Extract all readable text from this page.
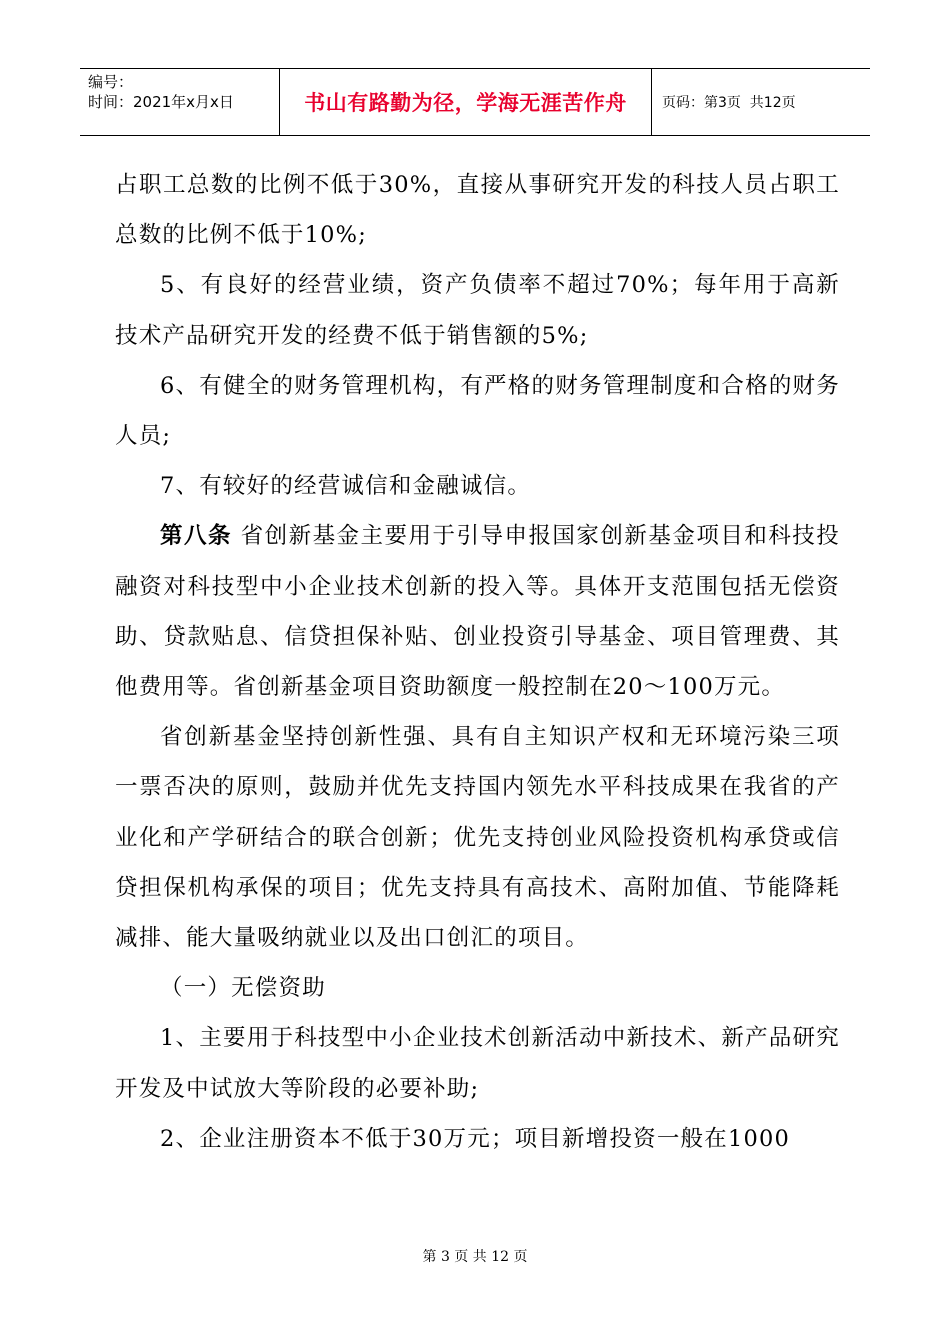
编号：
时间：2021年x月x日	书山有路勤为径，学海无涯苦作舟	页码：第3页  共12页

占职工总数的比例不低于30%，直接从事研究开发的科技人员占职工总数的比例不低于10%;

5、有良好的经营业绩，资产负债率不超过70%；每年用于高新技术产品研究开发的经费不低于销售额的5%;

6、有健全的财务管理机构，有严格的财务管理制度和合格的财务人员;

7、有较好的经营诚信和金融诚信。

第八条 省创新基金主要用于引导申报国家创新基金项目和科技投融资对科技型中小企业技术创新的投入等。具体开支范围包括无偿资助、贷款贴息、信贷担保补贴、创业投资引导基金、项目管理费、其他费用等。省创新基金项目资助额度一般控制在20～100万元。

省创新基金坚持创新性强、具有自主知识产权和无环境污染三项一票否决的原则，鼓励并优先支持国内领先水平科技成果在我省的产业化和产学研结合的联合创新；优先支持创业风险投资机构承贷或信贷担保机构承保的项目；优先支持具有高技术、高附加值、节能降耗减排、能大量吸纳就业以及出口创汇的项目。

（一）无偿资助

1、主要用于科技型中小企业技术创新活动中新技术、新产品研究开发及中试放大等阶段的必要补助;

2、企业注册资本不低于30万元；项目新增投资一般在1000

第 3 页 共 12 页
